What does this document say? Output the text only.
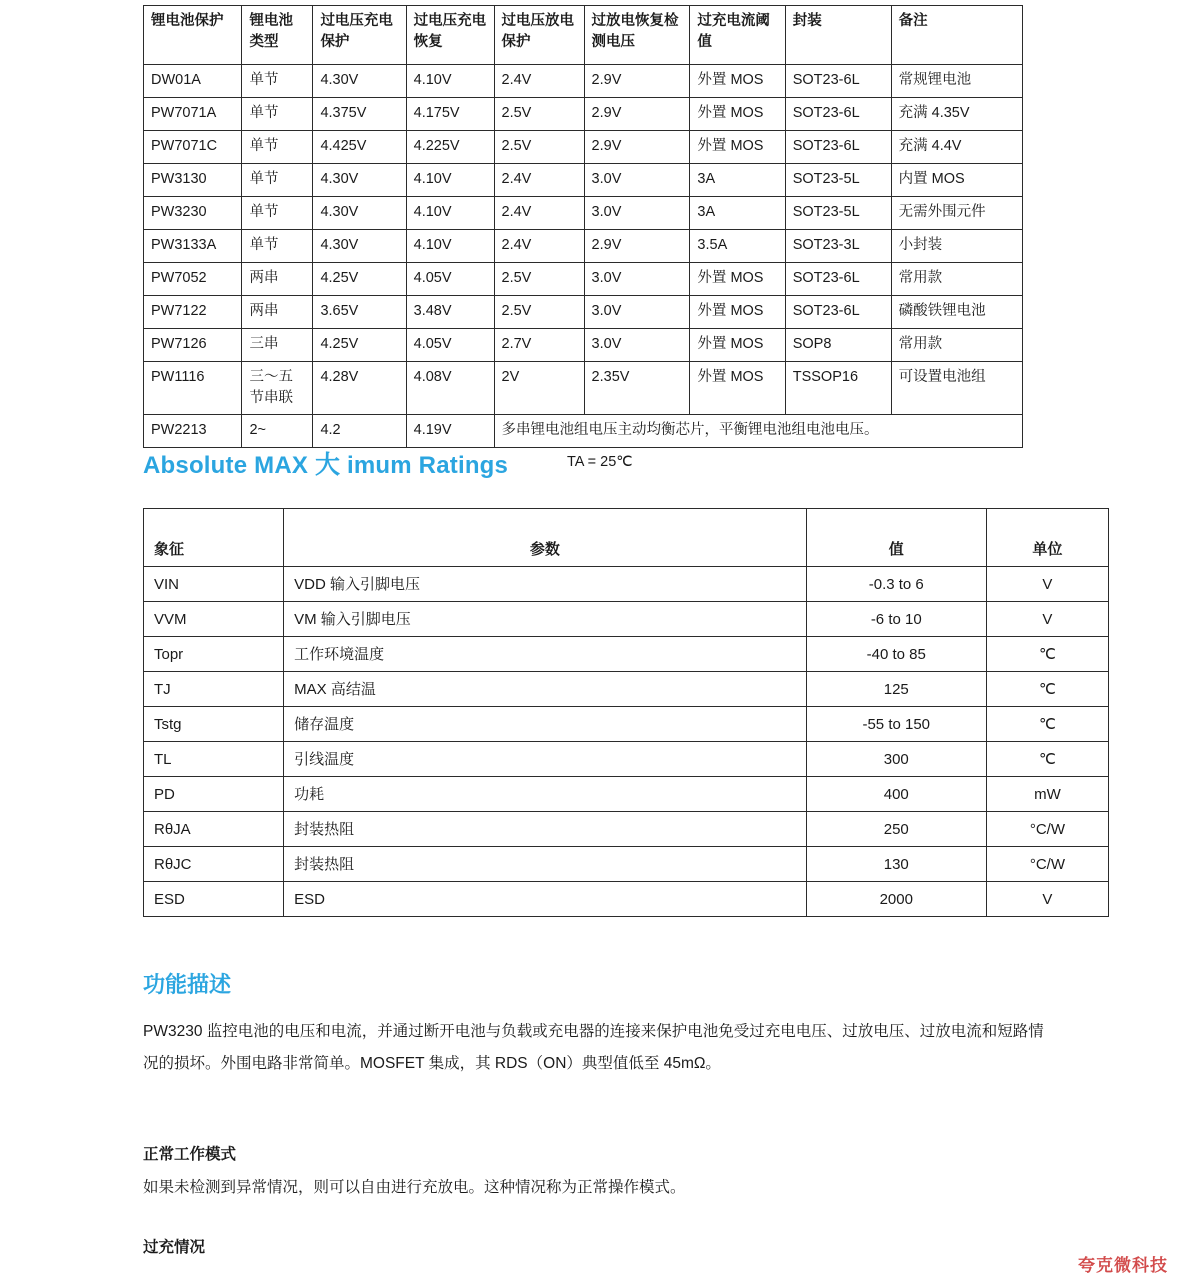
锂电池保护	锂电池类型	过电压充电保护	过电压充电恢复	过电压放电保护	过放电恢复检测电压	过充电流阈值	封装	备注
DW01A	单节	4.30V	4.10V	2.4V	2.9V	外置 MOS	SOT23-6L	常规锂电池
PW7071A	单节	4.375V	4.175V	2.5V	2.9V	外置 MOS	SOT23-6L	充满 4.35V
PW7071C	单节	4.425V	4.225V	2.5V	2.9V	外置 MOS	SOT23-6L	充满 4.4V
PW3130	单节	4.30V	4.10V	2.4V	3.0V	3A	SOT23-5L	内置 MOS
PW3230	单节	4.30V	4.10V	2.4V	3.0V	3A	SOT23-5L	无需外围元件
PW3133A	单节	4.30V	4.10V	2.4V	2.9V	3.5A	SOT23-3L	小封装
PW7052	两串	4.25V	4.05V	2.5V	3.0V	外置 MOS	SOT23-6L	常用款
PW7122	两串	3.65V	3.48V	2.5V	3.0V	外置 MOS	SOT23-6L	磷酸铁锂电池
PW7126	三串	4.25V	4.05V	2.7V	3.0V	外置 MOS	SOP8	常用款
PW1116	三～五节串联	4.28V	4.08V	2V	2.35V	外置 MOS	TSSOP16	可设置电池组
PW2213	2~	4.2	4.19V	多串锂电池组电压主动均衡芯片，平衡锂电池组电池电压。				
Absolute MAX 大 imum Ratings	TA = 25℃
象征	参数	值	单位
VIN	VDD 输入引脚电压	-0.3 to 6	V
VVM	VM 输入引脚电压	-6 to 10	V
Topr	工作环境温度	-40 to 85	℃
TJ	MAX 高结温	125	℃
Tstg	储存温度	-55 to 150	℃
TL	引线温度	300	℃
PD	功耗	400	mW
RθJA	封装热阻	250	°C/W
RθJC	封装热阻	130	°C/W
ESD	ESD	2000	V
功能描述
PW3230 监控电池的电压和电流，并通过断开电池与负载或充电器的连接来保护电池免受过充电电压、过放电压、过放电流和短路情况的损坏。外围电路非常简单。MOSFET 集成，其 RDS（ON）典型值低至 45mΩ。
正常工作模式
如果未检测到异常情况，则可以自由进行充放电。这种情况称为正常操作模式。
过充情况
夸克微科技
